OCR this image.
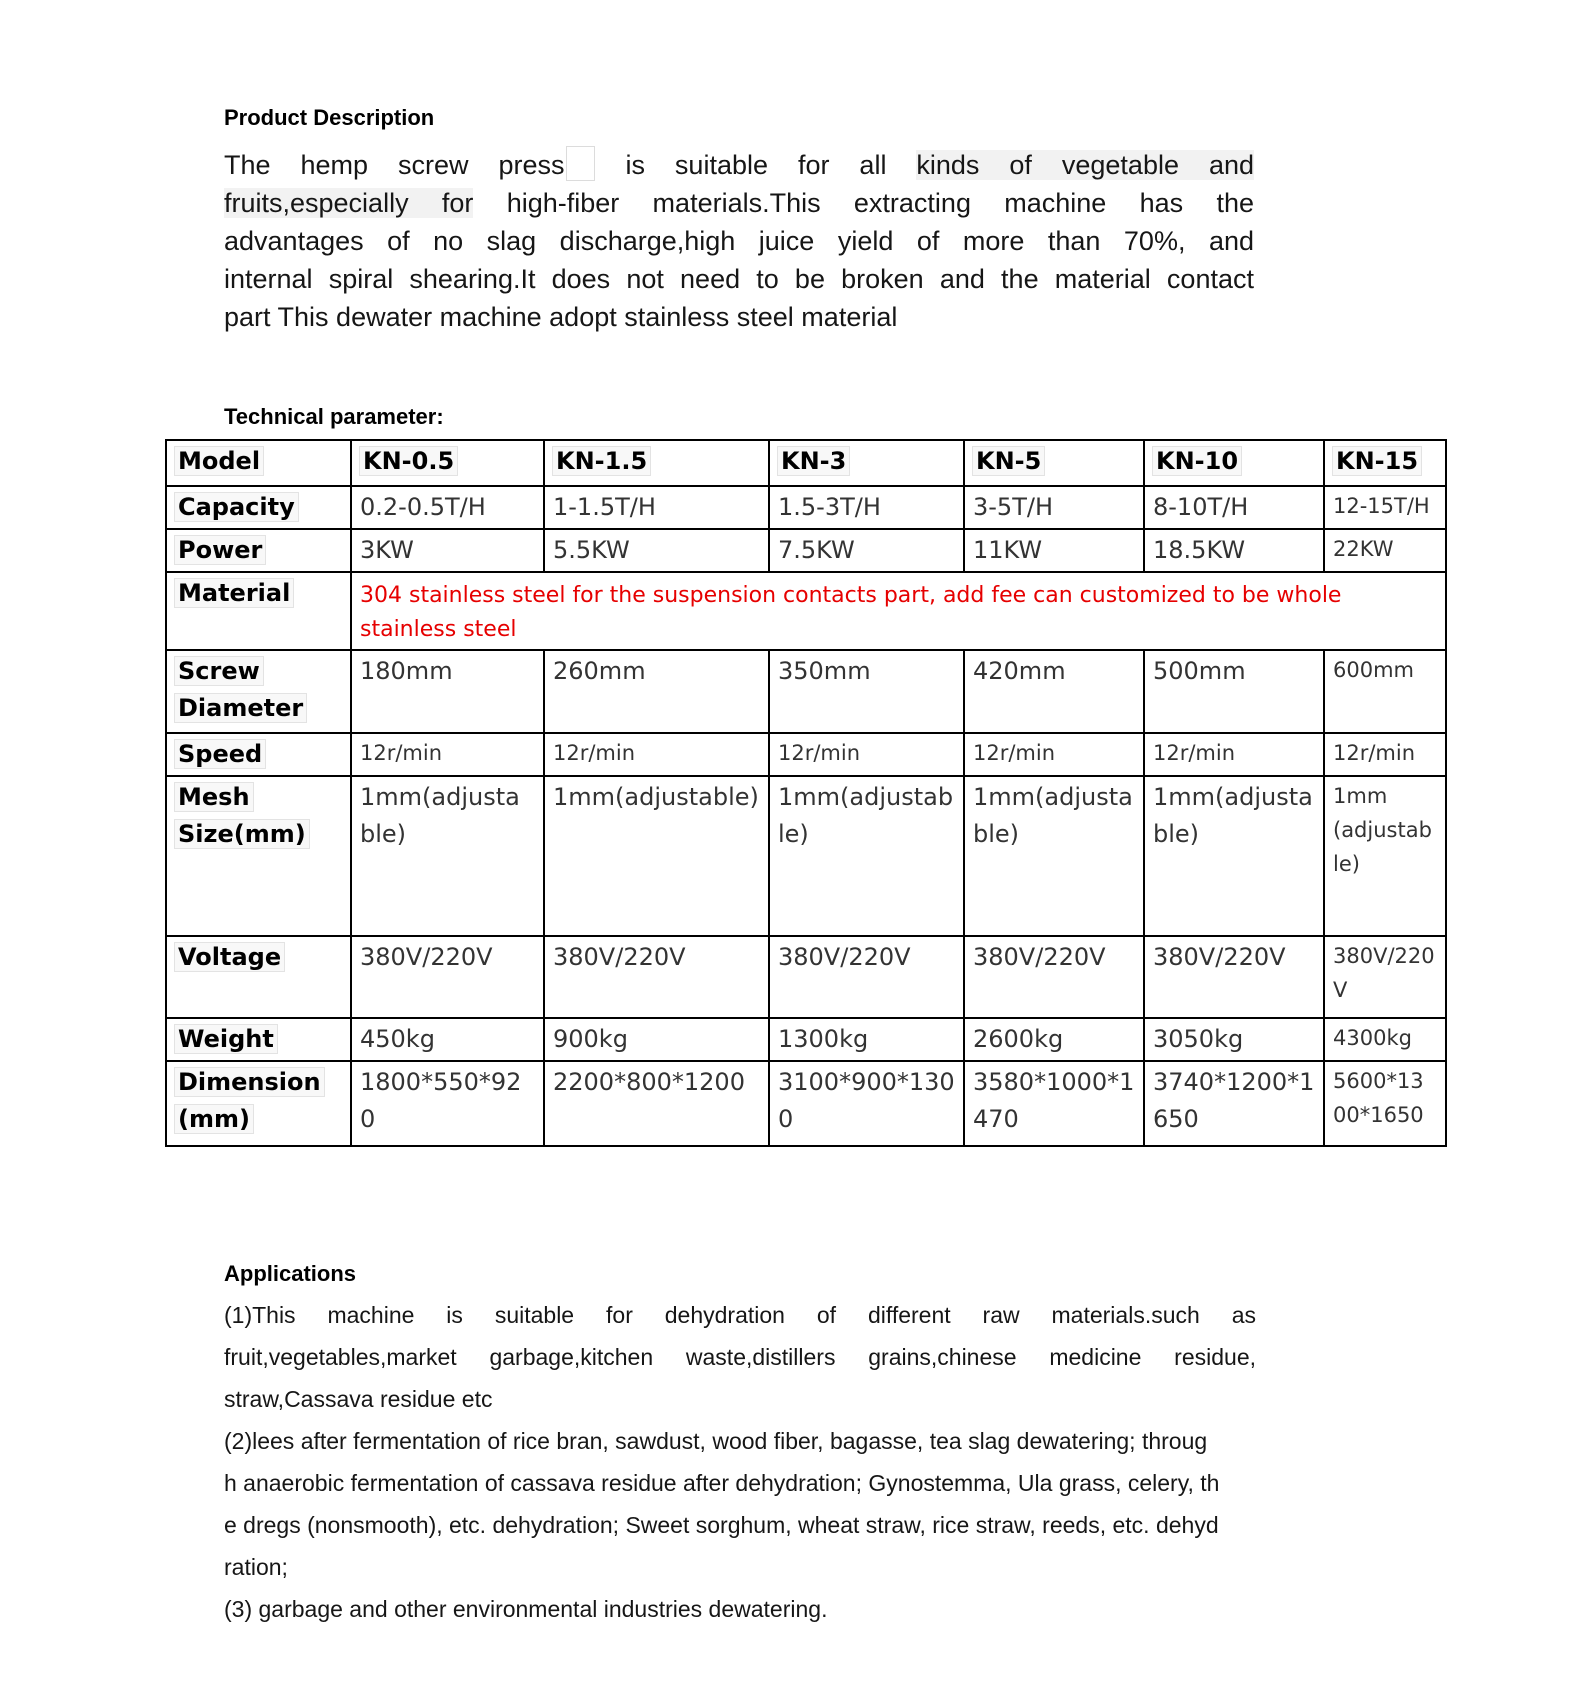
Product Description
The hemp screw press is suitable for all kinds of vegetable and
fruits,especially for high-fiber materials.This extracting machine has the
advantages of no slag discharge,high juice yield of more than 70%, and
internal spiral shearing.It does not need to be broken and the material contact
part This dewater machine adopt stainless steel material
Technical parameter:
Model	KN-0.5	KN-1.5	KN-3	KN-5	KN-10	KN-15
Capacity	0.2-0.5T/H	1-1.5T/H	1.5-3T/H	3-5T/H	8-10T/H	12-15T/H
Power	3KW	5.5KW	7.5KW	11KW	18.5KW	22KW
Material	304 stainless steel for the suspension contacts part, add fee can customized to be whole stainless steel					
Screw Diameter	180mm	260mm	350mm	420mm	500mm	600mm
Speed	12r/min	12r/min	12r/min	12r/min	12r/min	12r/min
Mesh Size(mm)	1mm(adjustable)	1mm(adjustable)	1mm(adjustable)	1mm(adjustable)	1mm(adjustable)	1mm (adjustable)
Voltage	380V/220V	380V/220V	380V/220V	380V/220V	380V/220V	380V/220V
Weight	450kg	900kg	1300kg	2600kg	3050kg	4300kg
Dimension (mm)	1800*550*920	2200*800*1200	3100*900*1300	3580*1000*1470	3740*1200*1650	5600*1300*1650
Applications
(1)This machine is suitable for dehydration of different raw materials.such as
fruit,vegetables,market garbage,kitchen waste,distillers grains,chinese medicine residue,
straw,Cassava residue etc
(2)lees after fermentation of rice bran, sawdust, wood fiber, bagasse, tea slag dewatering; throug
h anaerobic fermentation of cassava residue after dehydration; Gynostemma, Ula grass, celery, th
e dregs (nonsmooth), etc. dehydration; Sweet sorghum, wheat straw, rice straw, reeds, etc. dehyd
ration;
(3) garbage and other environmental industries dewatering.
